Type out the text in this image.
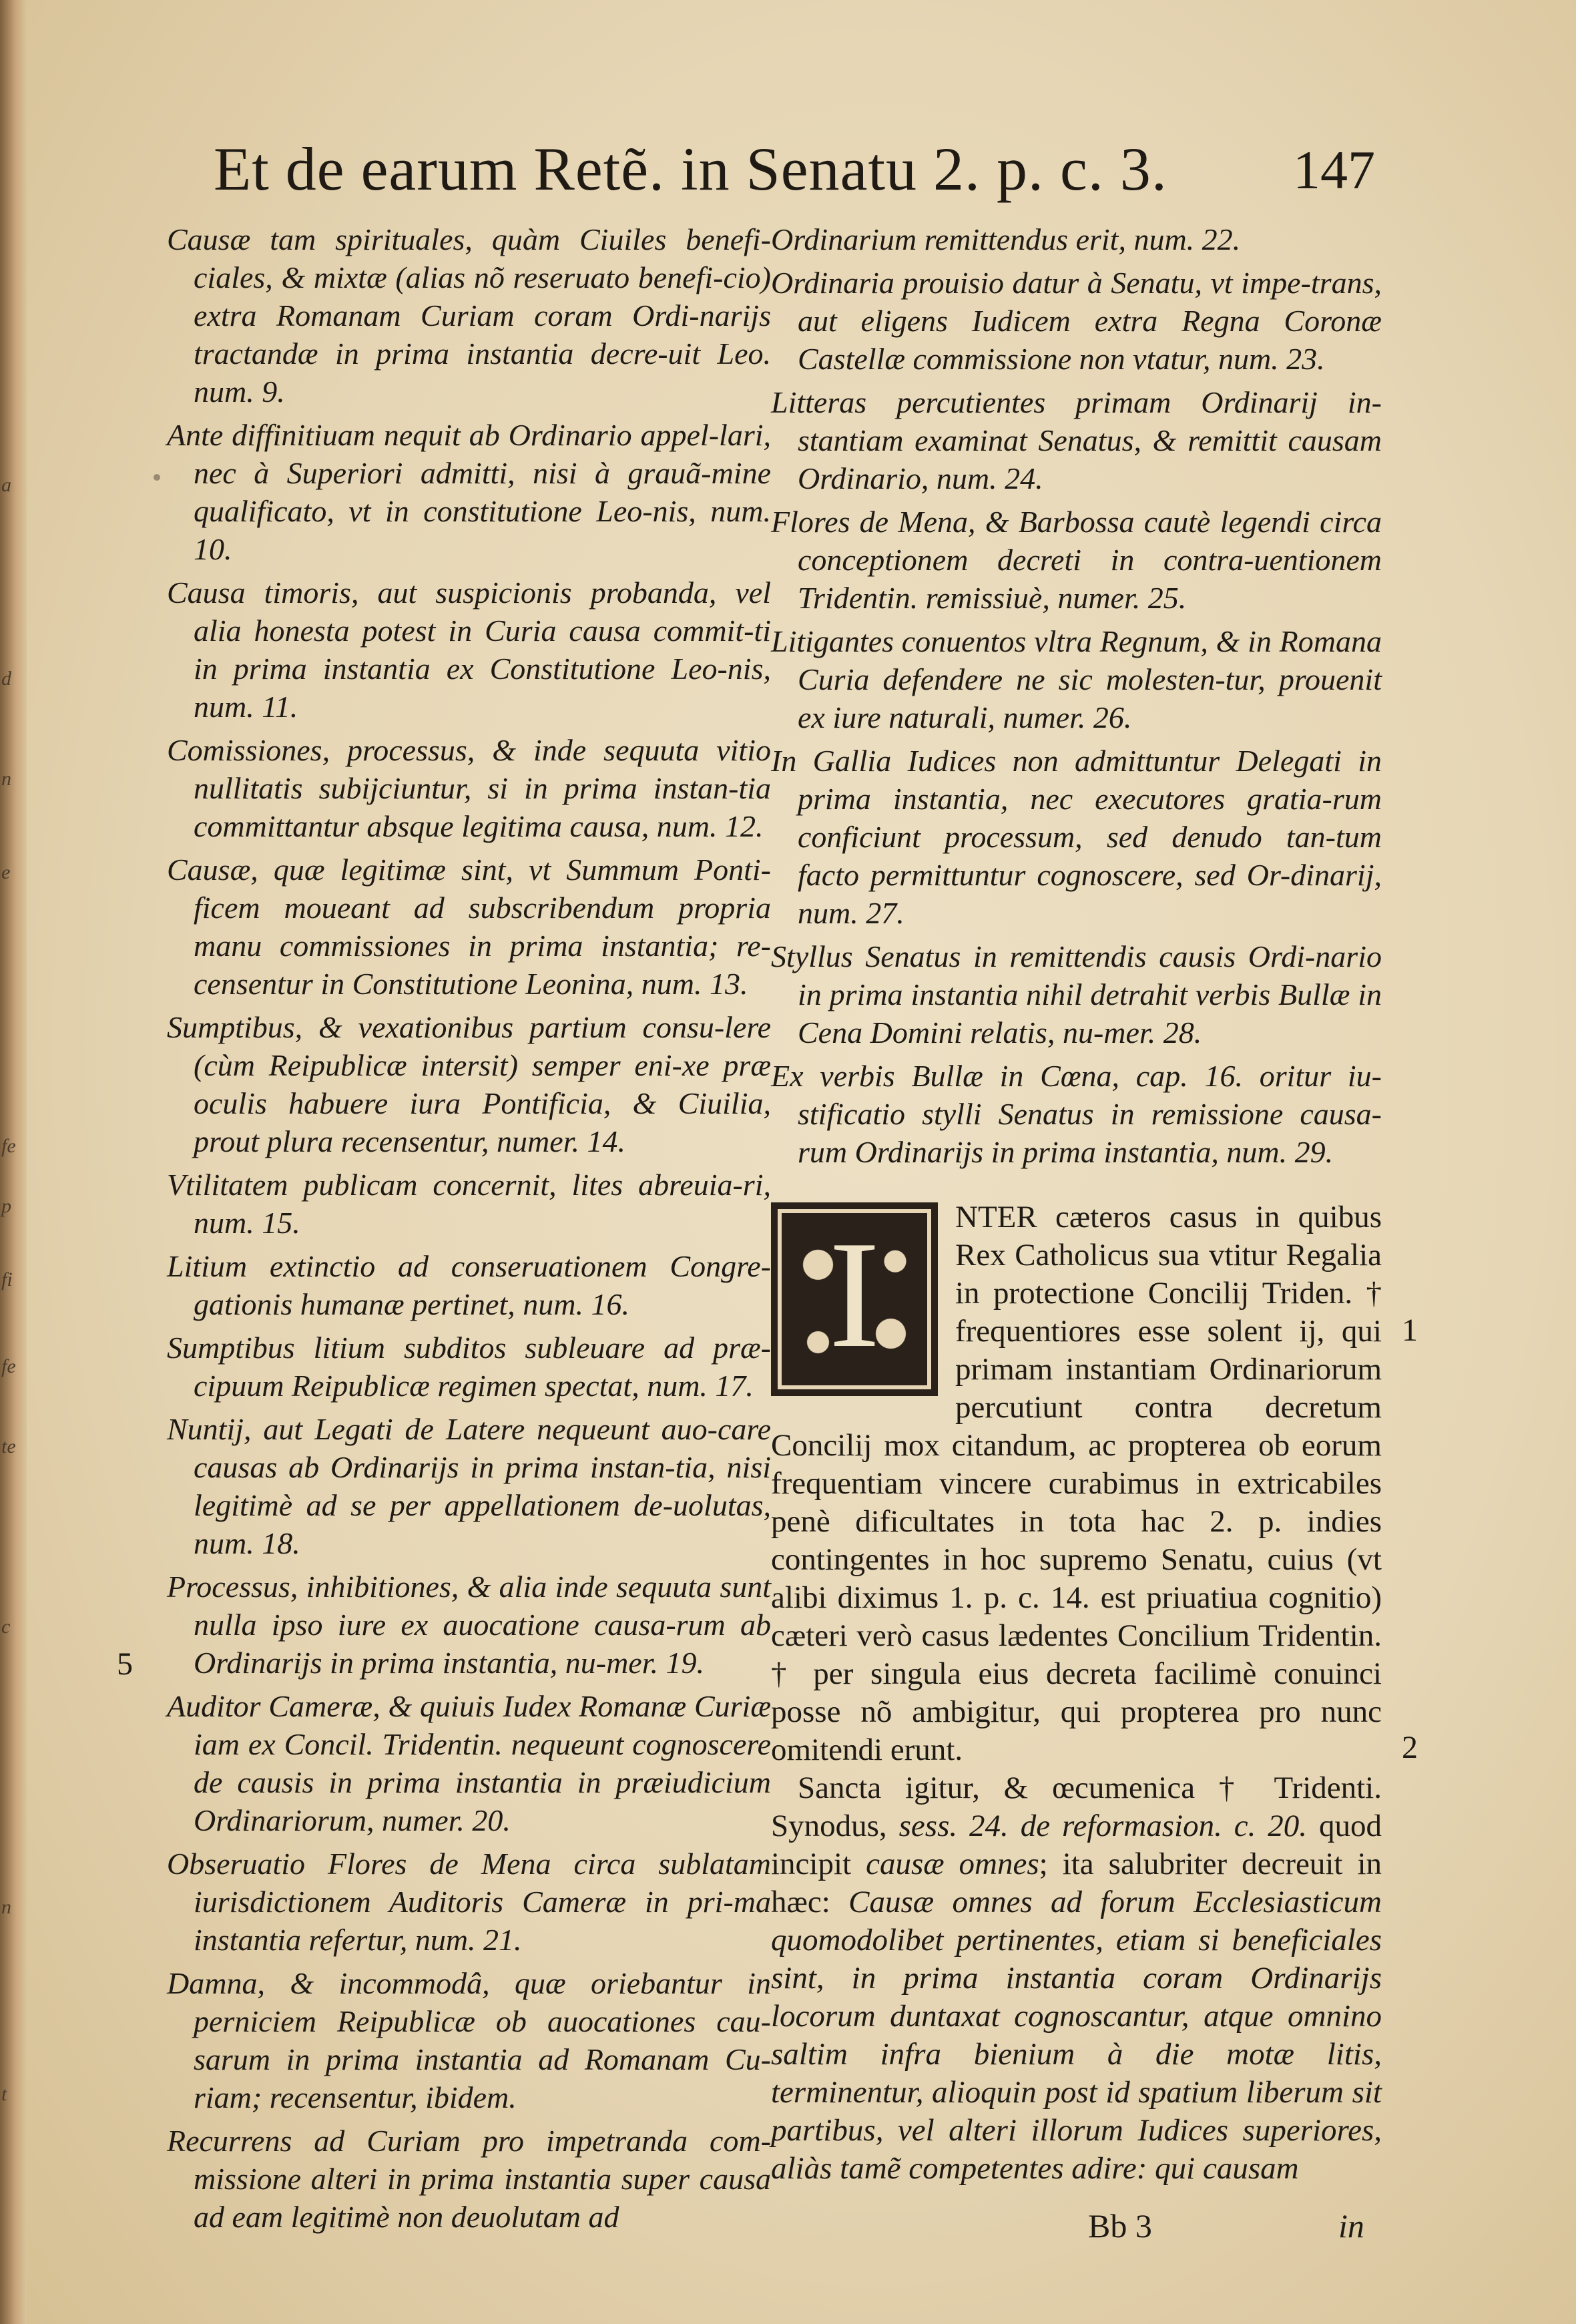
a
d
n
e
fe
p
fi
fe
te
c
n
t
Et de earum Retẽ. in Senatu 2. p. c. 3. 147

Causæ tam spirituales, quàm Ciuiles benefi-ciales, & mixtæ (alias nõ reseruato benefi-cio) extra Romanam Curiam coram Ordi-narijs tractandæ in prima instantia decre-uit Leo. num. 9.

Ante diffinitiuam nequit ab Ordinario appel-lari, nec à Superiori admitti, nisi à grauã-mine qualificato, vt in constitutione Leo-nis, num. 10.

Causa timoris, aut suspicionis probanda, vel alia honesta potest in Curia causa commit-ti in prima instantia ex Constitutione Leo-nis, num. 11.

Comissiones, processus, & inde sequuta vitio nullitatis subijciuntur, si in prima instan-tia committantur absque legitima causa, num. 12.

Causæ, quæ legitimæ sint, vt Summum Ponti-ficem moueant ad subscribendum propria manu commissiones in prima instantia; re-censentur in Constitutione Leonina, num. 13.

Sumptibus, & vexationibus partium consu-lere (cùm Reipublicæ intersit) semper eni-xe præ oculis habuere iura Pontificia, & Ciuilia, prout plura recensentur, numer. 14.

Vtilitatem publicam concernit, lites abreuia-ri, num. 15.

Litium extinctio ad conseruationem Congre-gationis humanæ pertinet, num. 16.

Sumptibus litium subditos subleuare ad præ-cipuum Reipublicæ regimen spectat, num. 17.

Nuntij, aut Legati de Latere nequeunt auo-care causas ab Ordinarijs in prima instan-tia, nisi legitimè ad se per appellationem de-uolutas, num. 18.

Processus, inhibitiones, & alia inde sequuta sunt nulla ipso iure ex auocatione causa-rum ab Ordinarijs in prima instantia, nu-mer. 19.

Auditor Cameræ, & quiuis Iudex Romanæ Curiæ iam ex Concil. Tridentin. nequeunt cognoscere de causis in prima instantia in præiudicium Ordinariorum, numer. 20.

Obseruatio Flores de Mena circa sublatam iurisdictionem Auditoris Cameræ in pri-ma instantia refertur, num. 21.

Damna, & incommodâ, quæ oriebantur in perniciem Reipublicæ ob auocationes cau-sarum in prima instantia ad Romanam Cu-riam; recensentur, ibidem.

Recurrens ad Curiam pro impetranda com-missione alteri in prima instantia super causa ad eam legitimè non deuolutam ad

Ordinarium remittendus erit, num. 22.

Ordinaria prouisio datur à Senatu, vt impe-trans, aut eligens Iudicem extra Regna Coronæ Castellæ commissione non vtatur, num. 23.

Litteras percutientes primam Ordinarij in-stantiam examinat Senatus, & remittit causam Ordinario, num. 24.

Flores de Mena, & Barbossa cautè legendi circa conceptionem decreti in contra-uentionem Tridentin. remissiuè, numer. 25.

Litigantes conuentos vltra Regnum, & in Romana Curia defendere ne sic molesten-tur, prouenit ex iure naturali, numer. 26.

In Gallia Iudices non admittuntur Delegati in prima instantia, nec executores gratia-rum conficiunt processum, sed denudo tan-tum facto permittuntur cognoscere, sed Or-dinarij, num. 27.

Styllus Senatus in remittendis causis Ordi-nario in prima instantia nihil detrahit verbis Bullæ in Cena Domini relatis, nu-mer. 28.

Ex verbis Bullæ in Cœna, cap. 16. oritur iu-stificatio stylli Senatus in remissione causa-rum Ordinarijs in prima instantia, num. 29.

I	NTER cæteros casus in quibus Rex Catholicus sua vtitur Regalia in protectione Concilij Triden. † frequentiores esse solent ij, qui primam instantiam Ordinariorum percutiunt contra decretum Concilij mox citandum, ac propterea ob eorum frequentiam vincere curabimus in extricabiles penè dificultates in tota hac 2. p. indies contingentes in hoc supremo Senatu, cuius (vt alibi diximus 1. p. c. 14. est priuatiua cognitio) cæteri verò casus lædentes Concilium Tridentin. † per singula eius decreta facilimè conuinci posse nõ ambigitur, qui propterea pro nunc omitendi erunt.

Sancta igitur, & œcumenica † Tridenti. Synodus, sess. 24. de reformasion. c. 20. quod incipit causæ omnes; ita salubriter decreuit in hæc: Causæ omnes ad forum Ecclesiasticum quomodolibet pertinentes, etiam si beneficiales sint, in prima instantia coram Ordinarijs locorum duntaxat cognoscantur, atque omnino saltim infra bienium à die motæ litis, terminentur, alioquin post id spatium liberum sit partibus, vel alteri illorum Iudices superiores, aliàs tamẽ competentes adire: qui causam

1
2
5
Bb 3	in
